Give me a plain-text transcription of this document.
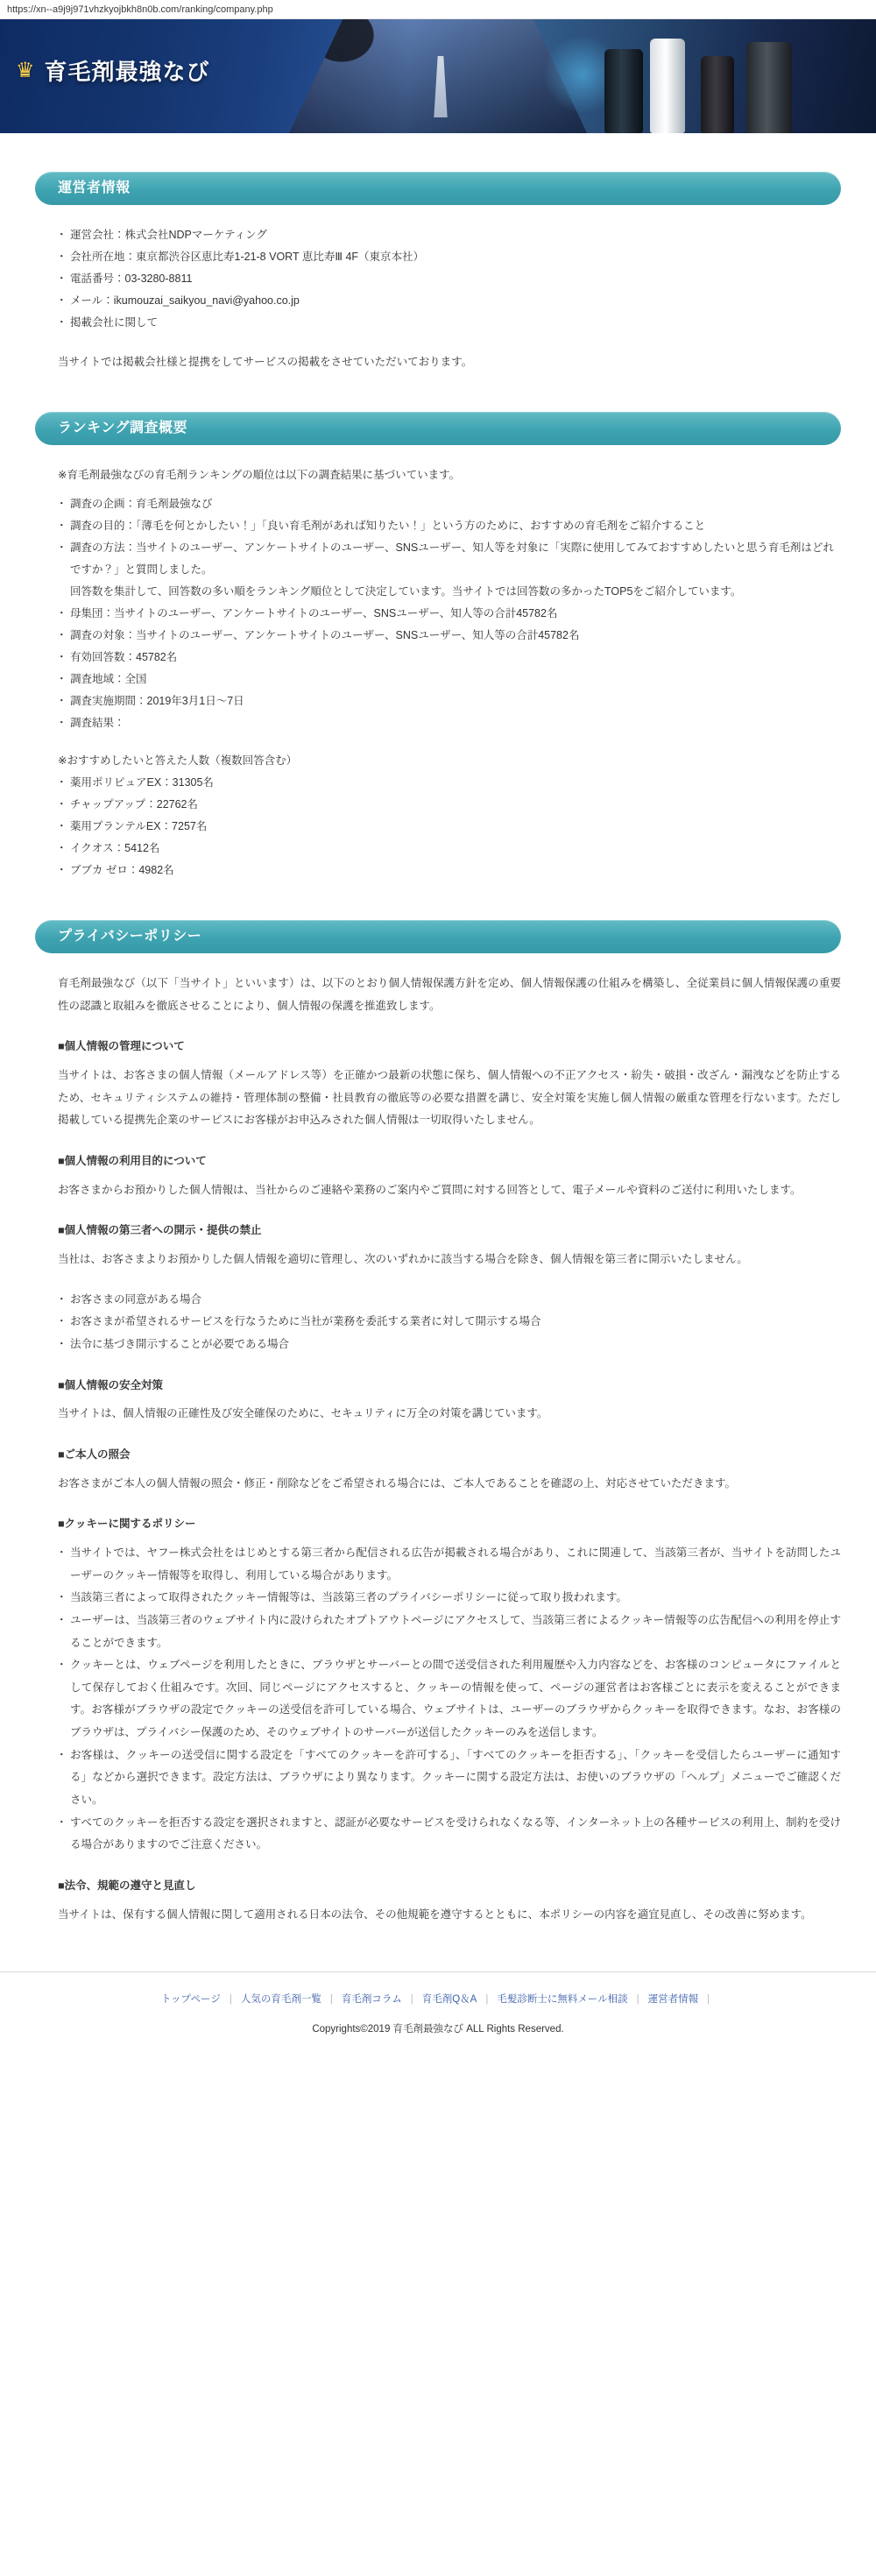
https://xn--a9j9j971vhzkyojbkh8n0b.com/ranking/company.php
♛ 育毛剤最強なび
運営者情報
・ 運営会社：株式会社NDPマーケティング
・ 会社所在地：東京都渋谷区恵比寿1-21-8 VORT 恵比寿Ⅲ 4F（東京本社）
・ 電話番号：03-3280-8811
・ メール：ikumouzai_saikyou_navi@yahoo.co.jp
・ 掲載会社に関して
当サイトでは掲載会社様と提携をしてサービスの掲載をさせていただいております。
ランキング調査概要
※育毛剤最強なびの育毛剤ランキングの順位は以下の調査結果に基づいています。
・ 調査の企画：育毛剤最強なび
・ 調査の目的：「薄毛を何とかしたい！」「良い育毛剤があれば知りたい！」という方のために、おすすめの育毛剤をご紹介すること
・ 調査の方法：当サイトのユーザー、アンケートサイトのユーザー、SNSユーザー、知人等を対象に「実際に使用してみておすすめしたいと思う育毛剤はどれですか？」と質問しました。
回答数を集計して、回答数の多い順をランキング順位として決定しています。当サイトでは回答数の多かったTOP5をご紹介しています。
・ 母集団：当サイトのユーザー、アンケートサイトのユーザー、SNSユーザー、知人等の合計45782名
・ 調査の対象：当サイトのユーザー、アンケートサイトのユーザー、SNSユーザー、知人等の合計45782名
・ 有効回答数：45782名
・ 調査地域：全国
・ 調査実施期間：2019年3月1日～7日
・ 調査結果：
※おすすめしたいと答えた人数（複数回答含む）
・ 薬用ポリピュアEX：31305名
・ チャップアップ：22762名
・ 薬用プランテルEX：7257名
・ イクオス：5412名
・ ブブカ ゼロ：4982名
プライバシーポリシー

育毛剤最強なび（以下「当サイト」といいます）は、以下のとおり個人情報保護方針を定め、個人情報保護の仕組みを構築し、全従業員に個人情報保護の重要性の認識と取組みを徹底させることにより、個人情報の保護を推進致します。

■個人情報の管理について

当サイトは、お客さまの個人情報（メールアドレス等）を正確かつ最新の状態に保ち、個人情報への不正アクセス・紛失・破損・改ざん・漏洩などを防止するため、セキュリティシステムの維持・管理体制の整備・社員教育の徹底等の必要な措置を講じ、安全対策を実施し個人情報の厳重な管理を行ないます。ただし掲載している提携先企業のサービスにお客様がお申込みされた個人情報は一切取得いたしません。

■個人情報の利用目的について

お客さまからお預かりした個人情報は、当社からのご連絡や業務のご案内やご質問に対する回答として、電子メールや資料のご送付に利用いたします。

■個人情報の第三者への開示・提供の禁止

当社は、お客さまよりお預かりした個人情報を適切に管理し、次のいずれかに該当する場合を除き、個人情報を第三者に開示いたしません。

・ お客さまの同意がある場合
・ お客さまが希望されるサービスを行なうために当社が業務を委託する業者に対して開示する場合
・ 法令に基づき開示することが必要である場合
■個人情報の安全対策

当サイトは、個人情報の正確性及び安全確保のために、セキュリティに万全の対策を講じています。

■ご本人の照会

お客さまがご本人の個人情報の照会・修正・削除などをご希望される場合には、ご本人であることを確認の上、対応させていただきます。

■クッキーに関するポリシー
・ 当サイトでは、ヤフー株式会社をはじめとする第三者から配信される広告が掲載される場合があり、これに関連して、当該第三者が、当サイトを訪問したユーザーのクッキー情報等を取得し、利用している場合があります。
・ 当該第三者によって取得されたクッキー情報等は、当該第三者のプライバシーポリシーに従って取り扱われます。
・ ユーザーは、当該第三者のウェブサイト内に設けられたオプトアウトページにアクセスして、当該第三者によるクッキー情報等の広告配信への利用を停止することができます。
・ クッキーとは、ウェブページを利用したときに、ブラウザとサーバーとの間で送受信された利用履歴や入力内容などを、お客様のコンピュータにファイルとして保存しておく仕組みです。次回、同じページにアクセスすると、クッキーの情報を使って、ページの運営者はお客様ごとに表示を変えることができます。お客様がブラウザの設定でクッキーの送受信を許可している場合、ウェブサイトは、ユーザーのブラウザからクッキーを取得できます。なお、お客様のブラウザは、プライバシー保護のため、そのウェブサイトのサーバーが送信したクッキーのみを送信します。
・ お客様は、クッキーの送受信に関する設定を「すべてのクッキーを許可する」、「すべてのクッキーを拒否する」、「クッキーを受信したらユーザーに通知する」などから選択できます。設定方法は、ブラウザにより異なります。クッキーに関する設定方法は、お使いのブラウザの「ヘルプ」メニューでご確認ください。
・ すべてのクッキーを拒否する設定を選択されますと、認証が必要なサービスを受けられなくなる等、インターネット上の各種サービスの利用上、制約を受ける場合がありますのでご注意ください。
■法令、規範の遵守と見直し

当サイトは、保有する個人情報に関して適用される日本の法令、その他規範を遵守するとともに、本ポリシーの内容を適宜見直し、その改善に努めます。

トップページ | 人気の育毛剤一覧 | 育毛剤コラム | 育毛剤Q＆A | 毛髪診断士に無料メール相談 | 運営者情報 |
Copyrights©2019 育毛剤最強なび ALL Rights Reserved.
